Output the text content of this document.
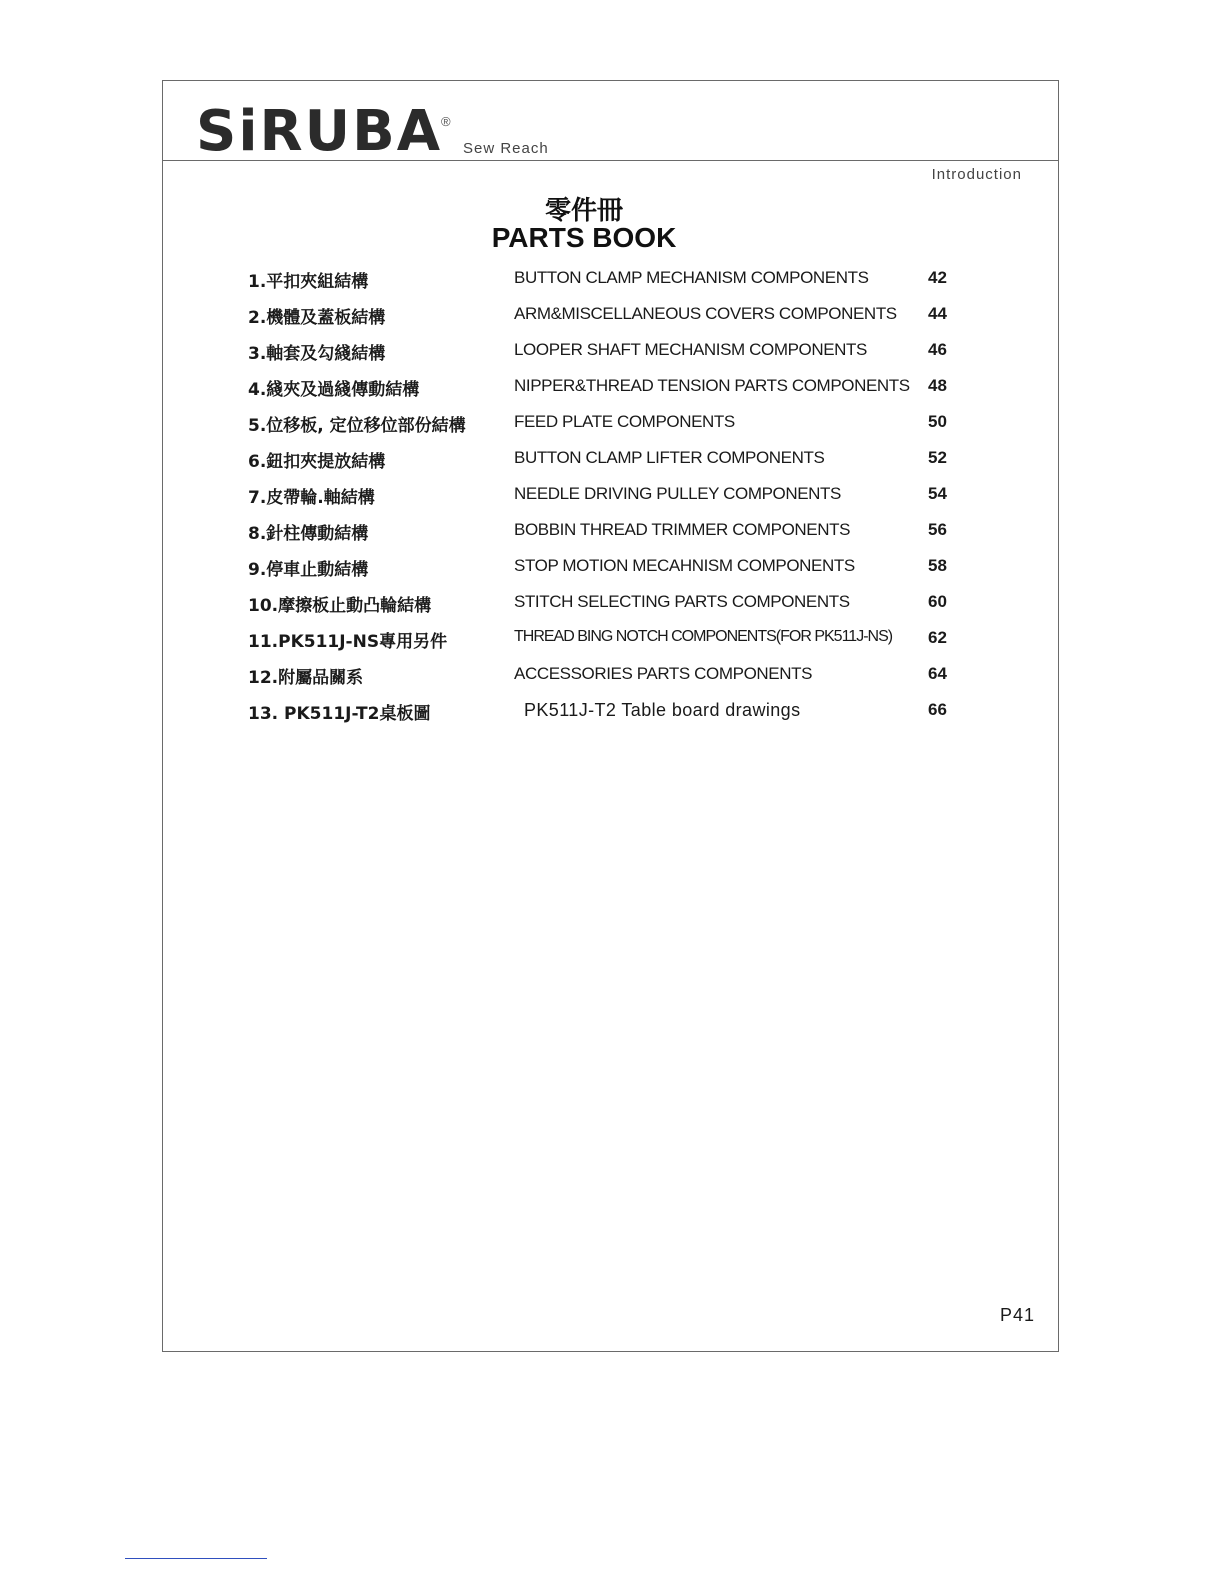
SiRUBA
®
Sew Reach
Introduction
零件冊
PARTS BOOK
1.平扣夾組結構	BUTTON CLAMP MECHANISM COMPONENTS	42
2.機體及蓋板結構	ARM&MISCELLANEOUS COVERS COMPONENTS 44
3.軸套及勾綫結構	LOOPER SHAFT MECHANISM COMPONENTS	46
4.綫夾及過綫傳動結構	NIPPER&THREAD TENSION PARTS COMPONENTS 48
5.位移板, 定位移位部份結構	FEED PLATE COMPONENTS	50
6.鈕扣夾提放結構	BUTTON CLAMP LIFTER COMPONENTS	52
7.皮帶輪.軸結構	NEEDLE DRIVING PULLEY COMPONENTS	54
8.針柱傳動結構	BOBBIN THREAD TRIMMER COMPONENTS	56
9.停車止動結構	STOP MOTION MECAHNISM COMPONENTS	58
10.摩擦板止動凸輪結構	STITCH SELECTING PARTS COMPONENTS	60
11.PK511J-NS專用另件	THREAD BING NOTCH COMPONENTS(FOR PK511J-NS) 62
12.附屬品關系	ACCESSORIES PARTS COMPONENTS	64
13. PK511J-T2桌板圖	PK511J-T2 Table board drawings	66
P41
